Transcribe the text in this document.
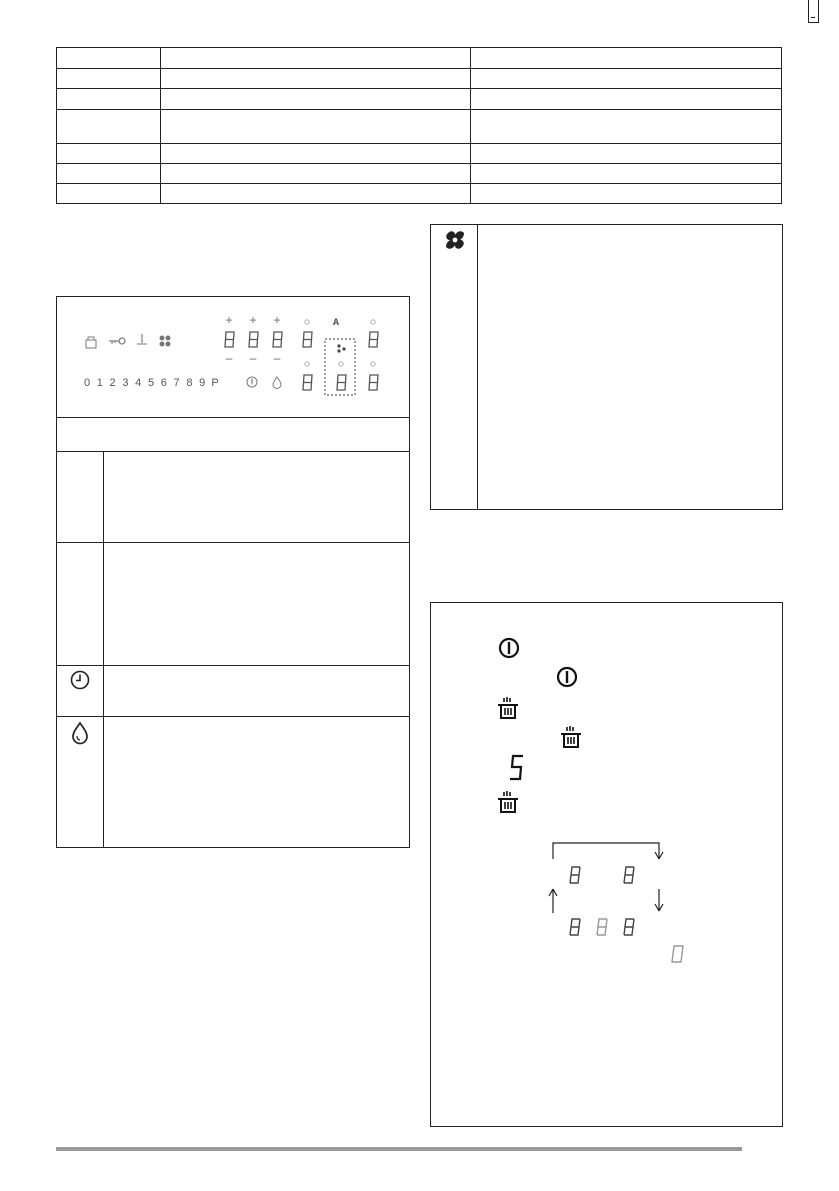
0 1 2 3 4 5 6 7 8 9 P
+ + +
– – –
A
